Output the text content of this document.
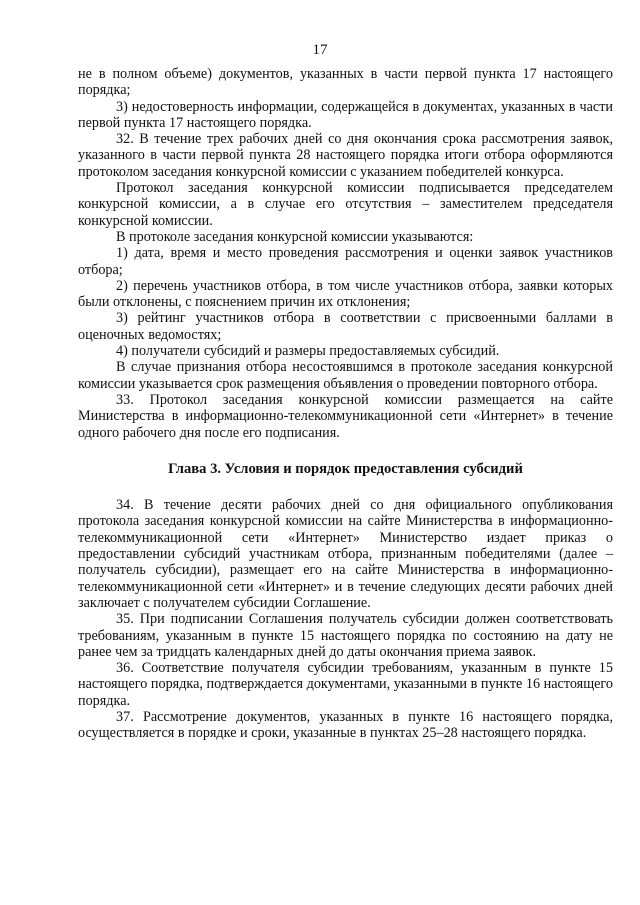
17

не в полном объеме) документов, указанных в части первой пункта 17 настоящего порядка;

3) недостоверность информации, содержащейся в документах, указанных в части первой пункта 17 настоящего порядка.

32. В течение трех рабочих дней со дня окончания срока рассмотрения заявок, указанного в части первой пункта 28 настоящего порядка итоги отбора оформляются протоколом заседания конкурсной комиссии с указанием победителей конкурса.

Протокол заседания конкурсной комиссии подписывается председателем конкурсной комиссии, а в случае его отсутствия – заместителем председателя конкурсной комиссии.

В протоколе заседания конкурсной комиссии указываются:

1) дата, время и место проведения рассмотрения и оценки заявок участников отбора;

2) перечень участников отбора, в том числе участников отбора, заявки которых были отклонены, с пояснением причин их отклонения;

3) рейтинг участников отбора в соответствии с присвоенными баллами в оценочных ведомостях;

4) получатели субсидий и размеры предоставляемых субсидий.

В случае признания отбора несостоявшимся в протоколе заседания конкурсной комиссии указывается срок размещения объявления о проведении повторного отбора.

33. Протокол заседания конкурсной комиссии размещается на сайте Министерства в информационно-телекоммуникационной сети «Интернет» в течение одного рабочего дня после его подписания.

Глава 3. Условия и порядок предоставления субсидий

34. В течение десяти рабочих дней со дня официального опубликования протокола заседания конкурсной комиссии на сайте Министерства в информационно-телекоммуникационной сети «Интернет» Министерство издает приказ о предоставлении субсидий участникам отбора, признанным победителями (далее – получатель субсидии), размещает его на сайте Министерства в информационно-телекоммуникационной сети «Интернет» и в течение следующих десяти рабочих дней заключает с получателем субсидии Соглашение.

35. При подписании Соглашения получатель субсидии должен соответствовать требованиям, указанным в пункте 15 настоящего порядка по состоянию на дату не ранее чем за тридцать календарных дней до даты окончания приема заявок.

36. Соответствие получателя субсидии требованиям, указанным в пункте 15 настоящего порядка, подтверждается документами, указанными в пункте 16 настоящего порядка.

37. Рассмотрение документов, указанных в пункте 16 настоящего порядка, осуществляется в порядке и сроки, указанные в пунктах 25–28 настоящего порядка.
